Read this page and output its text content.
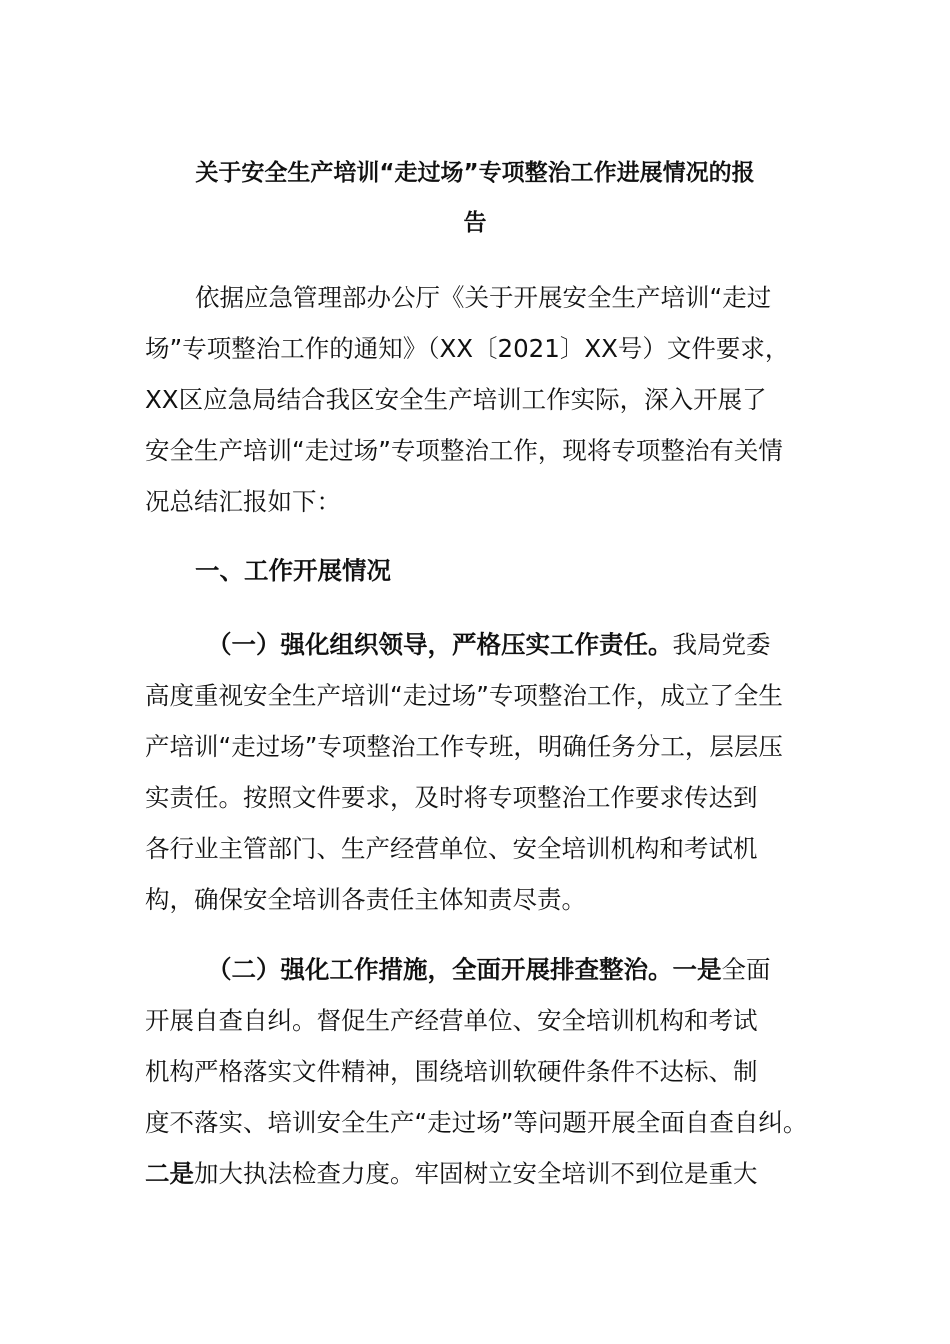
关于安全生产培训“走过场”专项整治工作进展情况的报
告
依据应急管理部办公厅《关于开展安全生产培训“走过
场”专项整治工作的通知》（XX〔2021〕XX号）文件要求，
XX区应急局结合我区安全生产培训工作实际，深入开展了
安全生产培训“走过场”专项整治工作，现将专项整治有关情
况总结汇报如下：
一、工作开展情况
（一）强化组织领导，严格压实工作责任。我局党委
高度重视安全生产培训“走过场”专项整治工作，成立了全生
产培训“走过场”专项整治工作专班，明确任务分工，层层压
实责任。按照文件要求，及时将专项整治工作要求传达到
各行业主管部门、生产经营单位、安全培训机构和考试机
构，确保安全培训各责任主体知责尽责。
（二）强化工作措施，全面开展排查整治。一是全面
开展自查自纠。督促生产经营单位、安全培训机构和考试
机构严格落实文件精神，围绕培训软硬件条件不达标、制
度不落实、培训安全生产“走过场”等问题开展全面自查自纠。
二是加大执法检查力度。牢固树立安全培训不到位是重大
